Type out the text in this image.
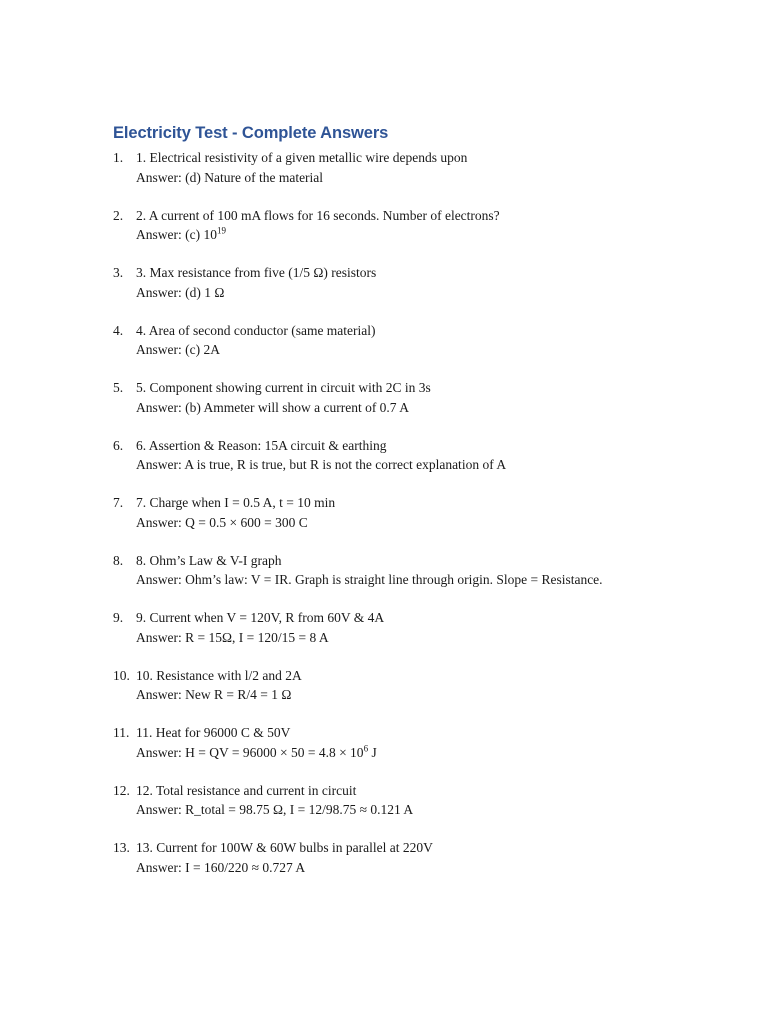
Electricity Test - Complete Answers
1. 1. Electrical resistivity of a given metallic wire depends upon
Answer: (d) Nature of the material
2. 2. A current of 100 mA flows for 16 seconds. Number of electrons?
Answer: (c) $10^{19}$
3. 3. Max resistance from five (1/5 Ω) resistors
Answer: (d) 1 Ω
4. 4. Area of second conductor (same material)
Answer: (c) 2A
5. 5. Component showing current in circuit with 2C in 3s
Answer: (b) Ammeter will show a current of 0.7 A
6. 6. Assertion & Reason: 15A circuit & earthing
Answer: A is true, R is true, but R is not the correct explanation of A
7. 7. Charge when I = 0.5 A, t = 10 min
Answer: Q = 0.5 × 600 = 300 C
8. 8. Ohm’s Law & V-I graph
Answer: Ohm’s law: V = IR. Graph is straight line through origin. Slope = Resistance.
9. 9. Current when V = 120V, R from 60V & 4A
Answer: R = 15Ω, I = 120/15 = 8 A
10. 10. Resistance with l/2 and 2A
Answer: New R = R/4 = 1 Ω
11. 11. Heat for 96000 C & 50V
Answer: H = QV = $96000 \times 50 = 4.8 \times 10^6$ J
12. 12. Total resistance and current in circuit
Answer: R_total = 98.75 Ω, I = 12/98.75 ≈ 0.121 A
13. 13. Current for 100W & 60W bulbs in parallel at 220V
Answer: I = 160/220 ≈ 0.727 A
